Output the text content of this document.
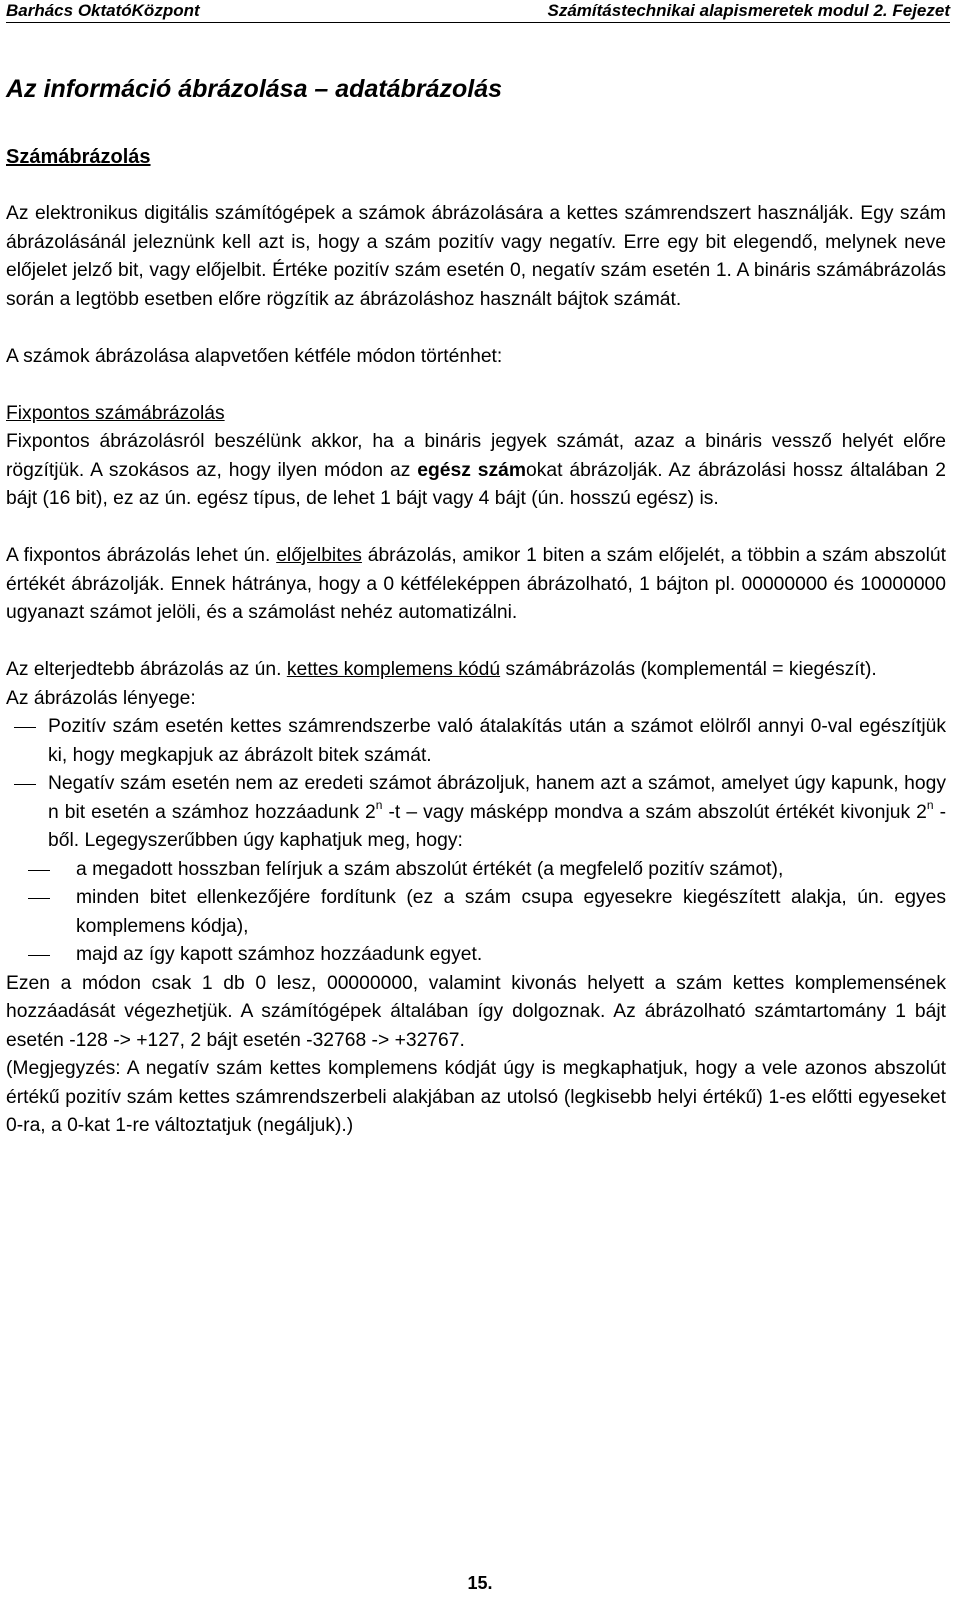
Barhács OktatóKözpont	Számítástechnikai alapismeretek modul 2. Fejezet
Az információ ábrázolása – adatábrázolás
Számábrázolás

Az elektronikus digitális számítógépek a számok ábrázolására a kettes számrendszert használják. Egy szám ábrázolásánál jeleznünk kell azt is, hogy a szám pozitív vagy negatív. Erre egy bit elegendő, melynek neve előjelet jelző bit, vagy előjelbit. Értéke pozitív szám esetén 0, negatív szám esetén 1. A bináris számábrázolás során a legtöbb esetben előre rögzítik az ábrázoláshoz használt bájtok számát.

A számok ábrázolása alapvetően kétféle módon történhet:

Fixpontos számábrázolás

Fixpontos ábrázolásról beszélünk akkor, ha a bináris jegyek számát, azaz a bináris vessző helyét előre rögzítjük. A szokásos az, hogy ilyen módon az egész számokat ábrázolják. Az ábrázolási hossz általában 2 bájt (16 bit), ez az ún. egész típus, de lehet 1 bájt vagy 4 bájt (ún. hosszú egész) is.

A fixpontos ábrázolás lehet ún. előjelbites ábrázolás, amikor 1 biten a szám előjelét, a többin a szám abszolút értékét ábrázolják. Ennek hátránya, hogy a 0 kétféleképpen ábrázolható, 1 bájton pl. 00000000 és 10000000 ugyanazt számot jelöli, és a számolást nehéz automatizálni.

Az elterjedtebb ábrázolás az ún. kettes komplemens kódú számábrázolás (komplementál = kiegészít).

Az ábrázolás lényege:

Pozitív szám esetén kettes számrendszerbe való átalakítás után a számot elölről annyi 0-val egészítjük ki, hogy megkapjuk az ábrázolt bitek számát.
Negatív szám esetén nem az eredeti számot ábrázoljuk, hanem azt a számot, amelyet úgy kapunk, hogy n bit esetén a számhoz hozzáadunk 2$^n$ -t – vagy másképp mondva a szám abszolút értékét kivonjuk 2$^n$ -ből. Legegyszerűbben úgy kaphatjuk meg, hogy:
a megadott hosszban felírjuk a szám abszolút értékét (a megfelelő pozitív számot),
minden bitet ellenkezőjére fordítunk (ez a szám csupa egyesekre kiegészített alakja, ún. egyes komplemens kódja),
majd az így kapott számhoz hozzáadunk egyet.

Ezen a módon csak 1 db 0 lesz, 00000000, valamint kivonás helyett a szám kettes komplemensének hozzáadását végezhetjük. A számítógépek általában így dolgoznak. Az ábrázolható számtartomány 1 bájt esetén -128 -> +127, 2 bájt esetén -32768 -> +32767.

(Megjegyzés: A negatív szám kettes komplemens kódját úgy is megkaphatjuk, hogy a vele azonos abszolút értékű pozitív szám kettes számrendszerbeli alakjában az utolsó (legkisebb helyi értékű) 1-es előtti egyeseket 0-ra, a 0-kat 1-re változtatjuk (negáljuk).)

15.
